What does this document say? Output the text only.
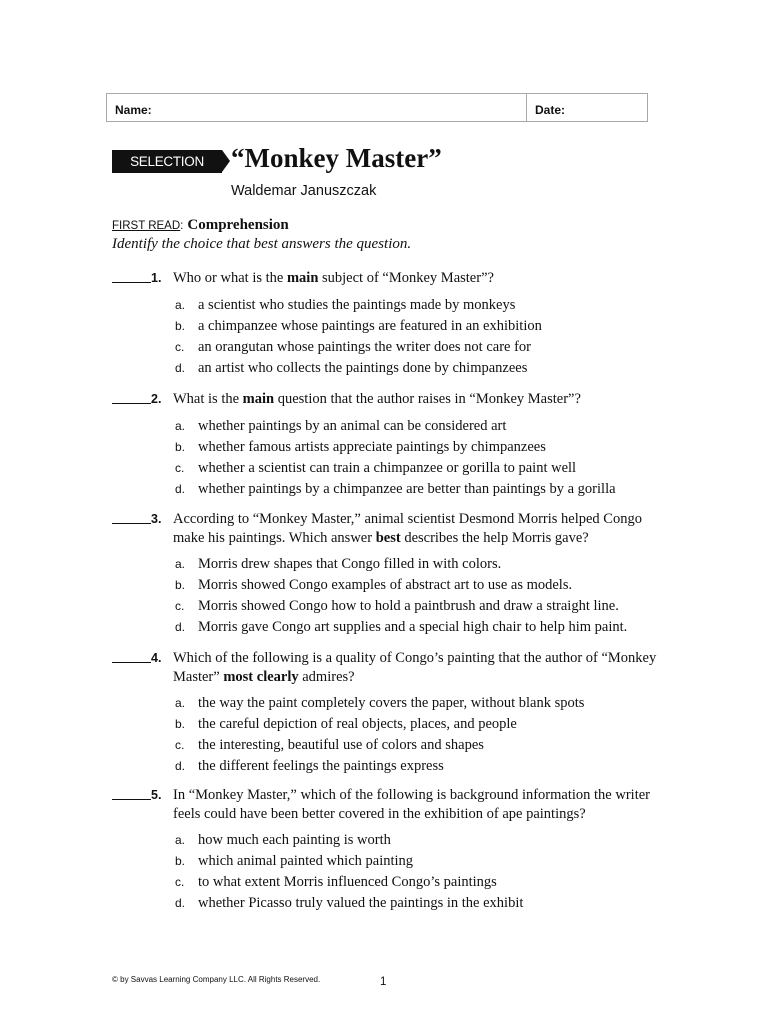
Name:	Date:
SELECTION TEST
“Monkey Master”
Waldemar Januszczak
FIRST READ: Comprehension
Identify the choice that best answers the question.
1. Who or what is the main subject of “Monkey Master”?
a. a scientist who studies the paintings made by monkeys
b. a chimpanzee whose paintings are featured in an exhibition
c. an orangutan whose paintings the writer does not care for
d. an artist who collects the paintings done by chimpanzees
2. What is the main question that the author raises in “Monkey Master”?
a. whether paintings by an animal can be considered art
b. whether famous artists appreciate paintings by chimpanzees
c. whether a scientist can train a chimpanzee or gorilla to paint well
d. whether paintings by a chimpanzee are better than paintings by a gorilla
3. According to “Monkey Master,” animal scientist Desmond Morris helped Congo make his paintings. Which answer best describes the help Morris gave?
a. Morris drew shapes that Congo filled in with colors.
b. Morris showed Congo examples of abstract art to use as models.
c. Morris showed Congo how to hold a paintbrush and draw a straight line.
d. Morris gave Congo art supplies and a special high chair to help him paint.
4. Which of the following is a quality of Congo’s painting that the author of “Monkey Master” most clearly admires?
a. the way the paint completely covers the paper, without blank spots
b. the careful depiction of real objects, places, and people
c. the interesting, beautiful use of colors and shapes
d. the different feelings the paintings express
5. In “Monkey Master,” which of the following is background information the writer feels could have been better covered in the exhibition of ape paintings?
a. how much each painting is worth
b. which animal painted which painting
c. to what extent Morris influenced Congo’s paintings
d. whether Picasso truly valued the paintings in the exhibit
© by Savvas Learning Company LLC. All Rights Reserved.	1
